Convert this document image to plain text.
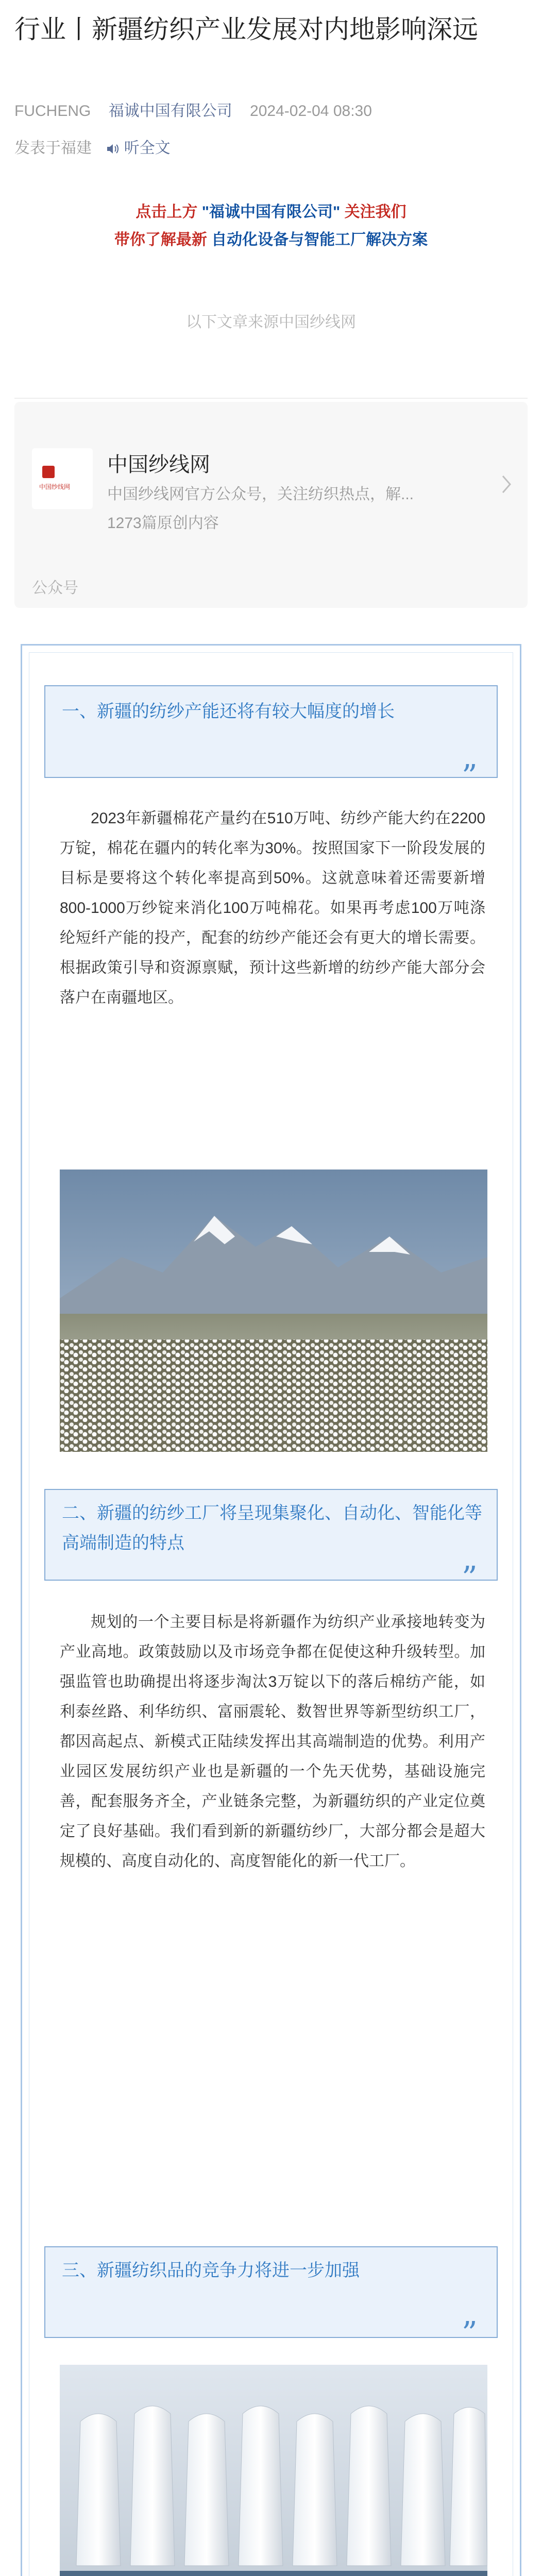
行业丨新疆纺织产业发展对内地影响深远
FUCHENG 福诚中国有限公司 2024-02-04 08:30
发表于福建 听全文
点击上方 "福诚中国有限公司" 关注我们
带你了解最新 自动化设备与智能工厂解决方案
以下文章来源中国纱线网
中国纱线网
中国纱线网
中国纱线网官方公众号，关注纺织热点，解...
1273篇原创内容
公众号
一、新疆的纺纱产能还将有较大幅度的增长
”

2023年新疆棉花产量约在510万吨、纺纱产能大约在2200万锭，棉花在疆内的转化率为30%。按照国家下一阶段发展的目标是要将这个转化率提高到50%。这就意味着还需要新增800-1000万纱锭来消化100万吨棉花。如果再考虑100万吨涤纶短纤产能的投产，配套的纺纱产能还会有更大的增长需要。根据政策引导和资源禀赋，预计这些新增的纺纱产能大部分会落户在南疆地区。

二、新疆的纺纱工厂将呈现集聚化、自动化、智能化等高端制造的特点
”

规划的一个主要目标是将新疆作为纺织产业承接地转变为产业高地。政策鼓励以及市场竞争都在促使这种升级转型。加强监管也助确提出将逐步淘汰3万锭以下的落后棉纺产能，如利泰丝路、利华纺织、富丽震轮、数智世界等新型纺织工厂，都因高起点、新模式正陆续发挥出其高端制造的优势。利用产业园区发展纺织产业也是新疆的一个先天优势，基础设施完善，配套服务齐全，产业链条完整，为新疆纺织的产业定位奠定了良好基础。我们看到新的新疆纺纱厂，大部分都会是超大规模的、高度自动化的、高度智能化的新一代工厂。

三、新疆纺织品的竞争力将进一步加强
”
